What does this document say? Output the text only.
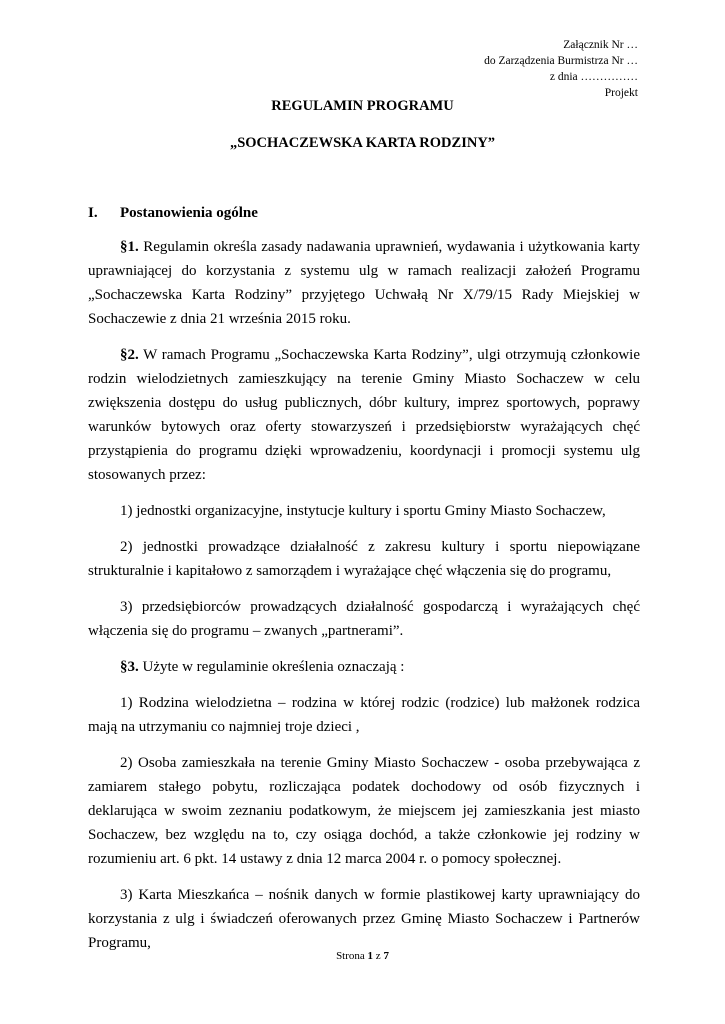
Załącznik Nr …
do Zarządzenia Burmistrza Nr …
z dnia ……………
Projekt
REGULAMIN PROGRAMU
„SOCHACZEWSKA KARTA RODZINY”
I.	Postanowienia ogólne

§1. Regulamin określa zasady nadawania uprawnień, wydawania i użytkowania karty uprawniającej do korzystania z systemu ulg w ramach realizacji założeń Programu „Sochaczewska Karta Rodziny” przyjętego Uchwałą Nr X/79/15 Rady Miejskiej w Sochaczewie z dnia 21 września 2015 roku.

§2. W ramach Programu „Sochaczewska Karta Rodziny”, ulgi otrzymują członkowie rodzin wielodzietnych zamieszkujący na terenie Gminy Miasto Sochaczew w celu zwiększenia dostępu do usług publicznych, dóbr kultury, imprez sportowych, poprawy warunków bytowych oraz oferty stowarzyszeń i przedsiębiorstw wyrażających chęć przystąpienia do programu dzięki wprowadzeniu, koordynacji i promocji systemu ulg stosowanych przez:

1) jednostki organizacyjne, instytucje kultury i sportu Gminy Miasto Sochaczew,

2) jednostki prowadzące działalność z zakresu kultury i sportu niepowiązane strukturalnie i kapitałowo z samorządem i wyrażające chęć włączenia się do programu,

3) przedsiębiorców prowadzących działalność gospodarczą i wyrażających chęć włączenia się do programu – zwanych „partnerami”.

§3. Użyte w regulaminie określenia oznaczają :

1) Rodzina wielodzietna – rodzina w której rodzic (rodzice) lub małżonek rodzica mają na utrzymaniu co najmniej troje dzieci ,

2) Osoba zamieszkała na terenie Gminy Miasto Sochaczew - osoba przebywająca z zamiarem stałego pobytu, rozliczająca podatek dochodowy od osób fizycznych i deklarująca w swoim zeznaniu podatkowym, że miejscem jej zamieszkania jest miasto Sochaczew, bez względu na to, czy osiąga dochód, a także członkowie jej rodziny w rozumieniu art. 6 pkt. 14 ustawy z dnia 12 marca 2004 r. o pomocy społecznej.

3) Karta Mieszkańca – nośnik danych w formie plastikowej karty uprawniający do korzystania z ulg i świadczeń oferowanych przez Gminę Miasto Sochaczew i Partnerów Programu,

Strona 1 z 7
